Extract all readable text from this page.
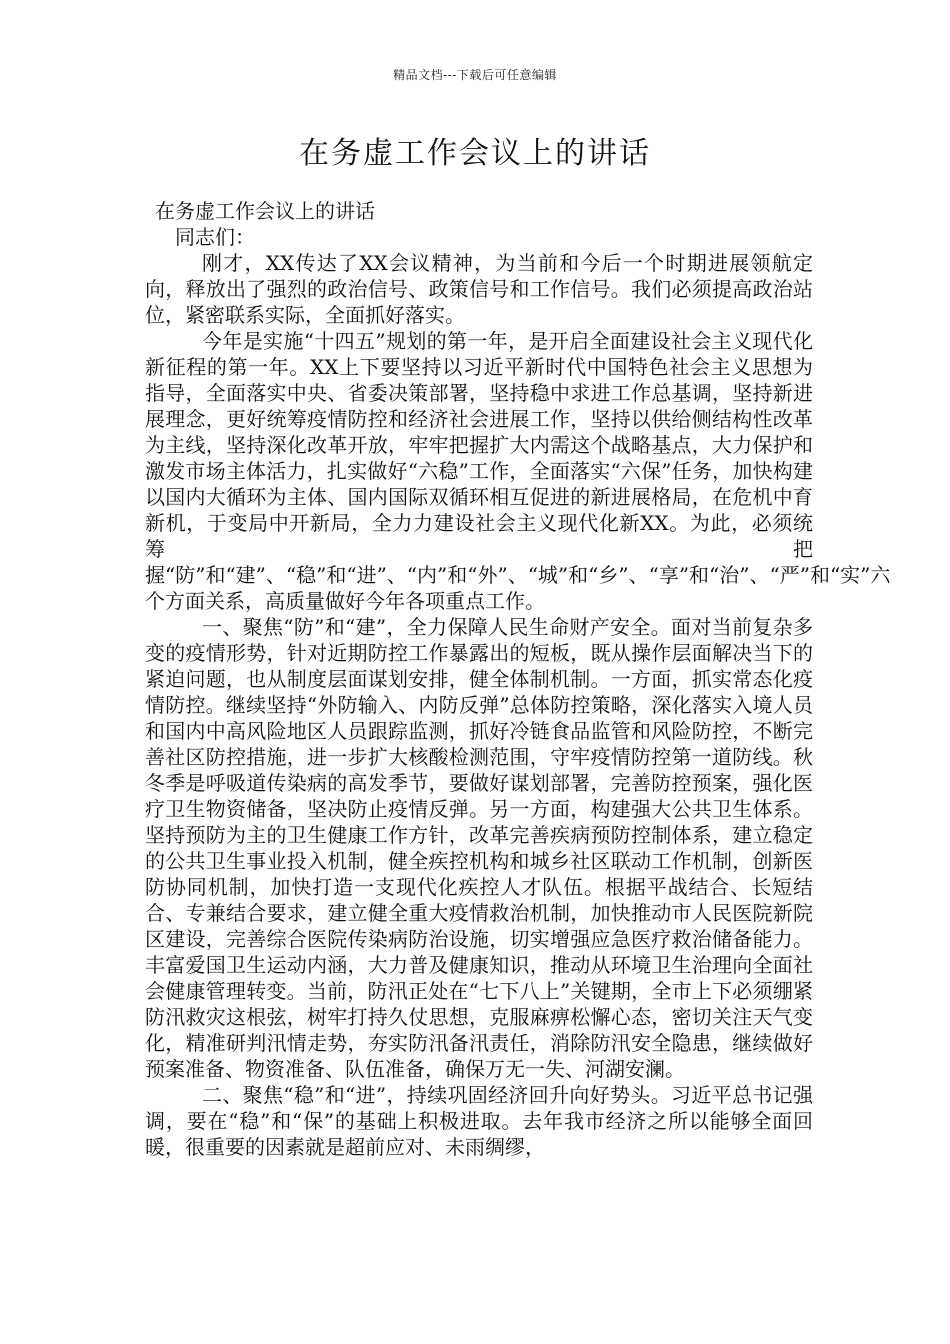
精品文档---下载后可任意编辑
在务虚工作会议上的讲话

在务虚工作会议上的讲话

同志们：

刚才，XX传达了XX会议精神，为当前和今后一个时期进展领航定向，释放出了强烈的政治信号、政策信号和工作信号。我们必须提高政治站位，紧密联系实际，全面抓好落实。

今年是实施“十四五”规划的第一年，是开启全面建设社会主义现代化新征程的第一年。XX上下要坚持以习近平新时代中国特色社会主义思想为指导，全面落实中央、省委决策部署，坚持稳中求进工作总基调，坚持新进展理念，更好统筹疫情防控和经济社会进展工作，坚持以供给侧结构性改革为主线，坚持深化改革开放，牢牢把握扩大内需这个战略基点，大力保护和激发市场主体活力，扎实做好“六稳”工作，全面落实“六保”任务，加快构建以国内大循环为主体、国内国际双循环相互促进的新进展格局，在危机中育新机，于变局中开新局，全力力建设社会主义现代化新XX。为此，必须统筹把握“防”和“建”、“稳”和“进”、“内”和“外”、“城”和“乡”、“享”和“治”、“严”和“实”六个方面关系，高质量做好今年各项重点工作。

一、聚焦“防”和“建”，全力保障人民生命财产安全。面对当前复杂多变的疫情形势，针对近期防控工作暴露出的短板，既从操作层面解决当下的紧迫问题，也从制度层面谋划安排，健全体制机制。一方面，抓实常态化疫情防控。继续坚持“外防输入、内防反弹”总体防控策略，深化落实入境人员和国内中高风险地区人员跟踪监测，抓好冷链食品监管和风险防控，不断完善社区防控措施，进一步扩大核酸检测范围，守牢疫情防控第一道防线。秋冬季是呼吸道传染病的高发季节，要做好谋划部署，完善防控预案，强化医疗卫生物资储备，坚决防止疫情反弹。另一方面，构建强大公共卫生体系。坚持预防为主的卫生健康工作方针，改革完善疾病预防控制体系，建立稳定的公共卫生事业投入机制，健全疾控机构和城乡社区联动工作机制，创新医防协同机制，加快打造一支现代化疾控人才队伍。根据平战结合、长短结合、专兼结合要求，建立健全重大疫情救治机制，加快推动市人民医院新院区建设，完善综合医院传染病防治设施，切实增强应急医疗救治储备能力。丰富爱国卫生运动内涵，大力普及健康知识，推动从环境卫生治理向全面社会健康管理转变。当前，防汛正处在“七下八上”关键期，全市上下必须绷紧防汛救灾这根弦，树牢打持久仗思想，克服麻痹松懈心态，密切关注天气变化，精准研判汛情走势，夯实防汛备汛责任，消除防汛安全隐患，继续做好预案准备、物资准备、队伍准备，确保万无一失、河湖安澜。

二、聚焦“稳”和“进”，持续巩固经济回升向好势头。习近平总书记强调，要在“稳”和“保”的基础上积极进取。去年我市经济之所以能够全面回暖，很重要的因素就是超前应对、未雨绸缪，
